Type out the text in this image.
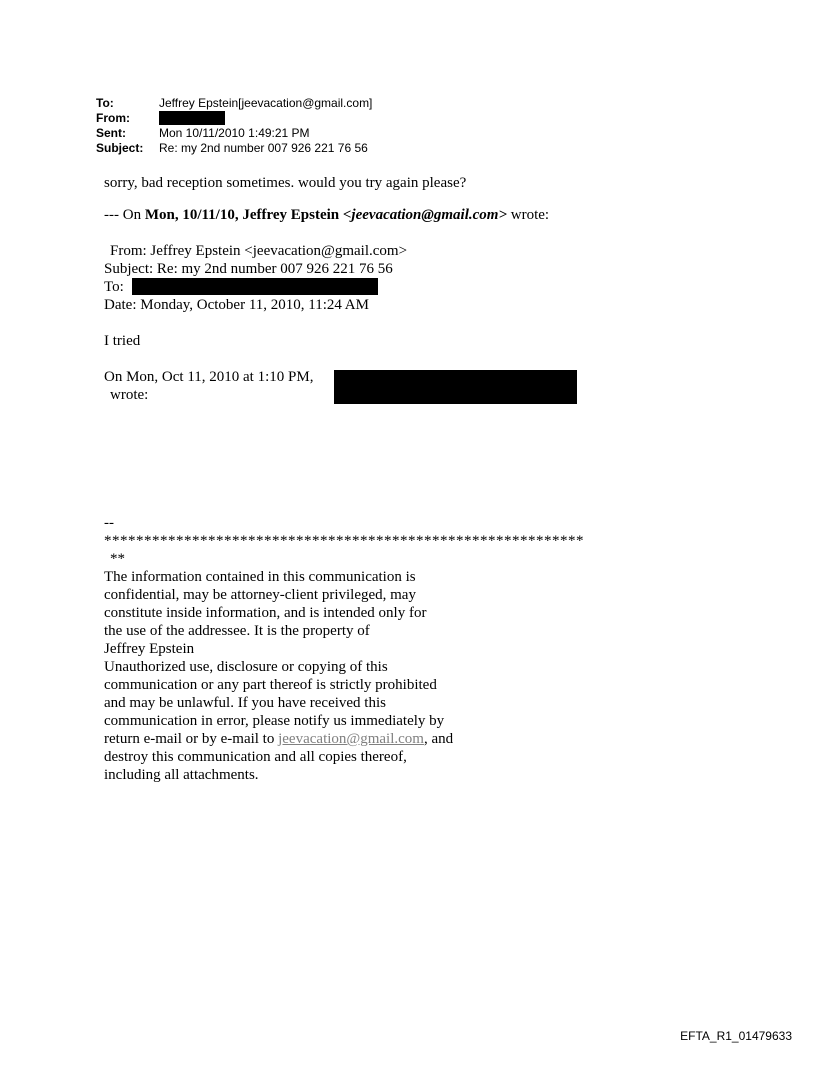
To:	Jeffrey Epstein[jeevacation@gmail.com]
From:
Sent:	Mon 10/11/2010 1:49:21 PM
Subject:	Re: my 2nd number 007 926 221 76 56

sorry, bad reception sometimes. would you try again please?

--- On Mon, 10/11/10, Jeffrey Epstein <jeevacation@gmail.com> wrote:

From: Jeffrey Epstein <jeevacation@gmail.com>

Subject: Re: my 2nd number 007 926 221 76 56

To:

Date: Monday, October 11, 2010, 11:24 AM

I tried

On Mon, Oct 11, 2010 at 1:10 PM,

wrote:

--

************************************************************

**

The information contained in this communication is

confidential, may be attorney-client privileged, may

constitute inside information, and is intended only for

the use of the addressee. It is the property of

Jeffrey Epstein

Unauthorized use, disclosure or copying of this

communication or any part thereof is strictly prohibited

and may be unlawful. If you have received this

communication in error, please notify us immediately by

return e-mail or by e-mail to jeevacation@gmail.com, and

destroy this communication and all copies thereof,

including all attachments.

EFTA_R1_01479633
